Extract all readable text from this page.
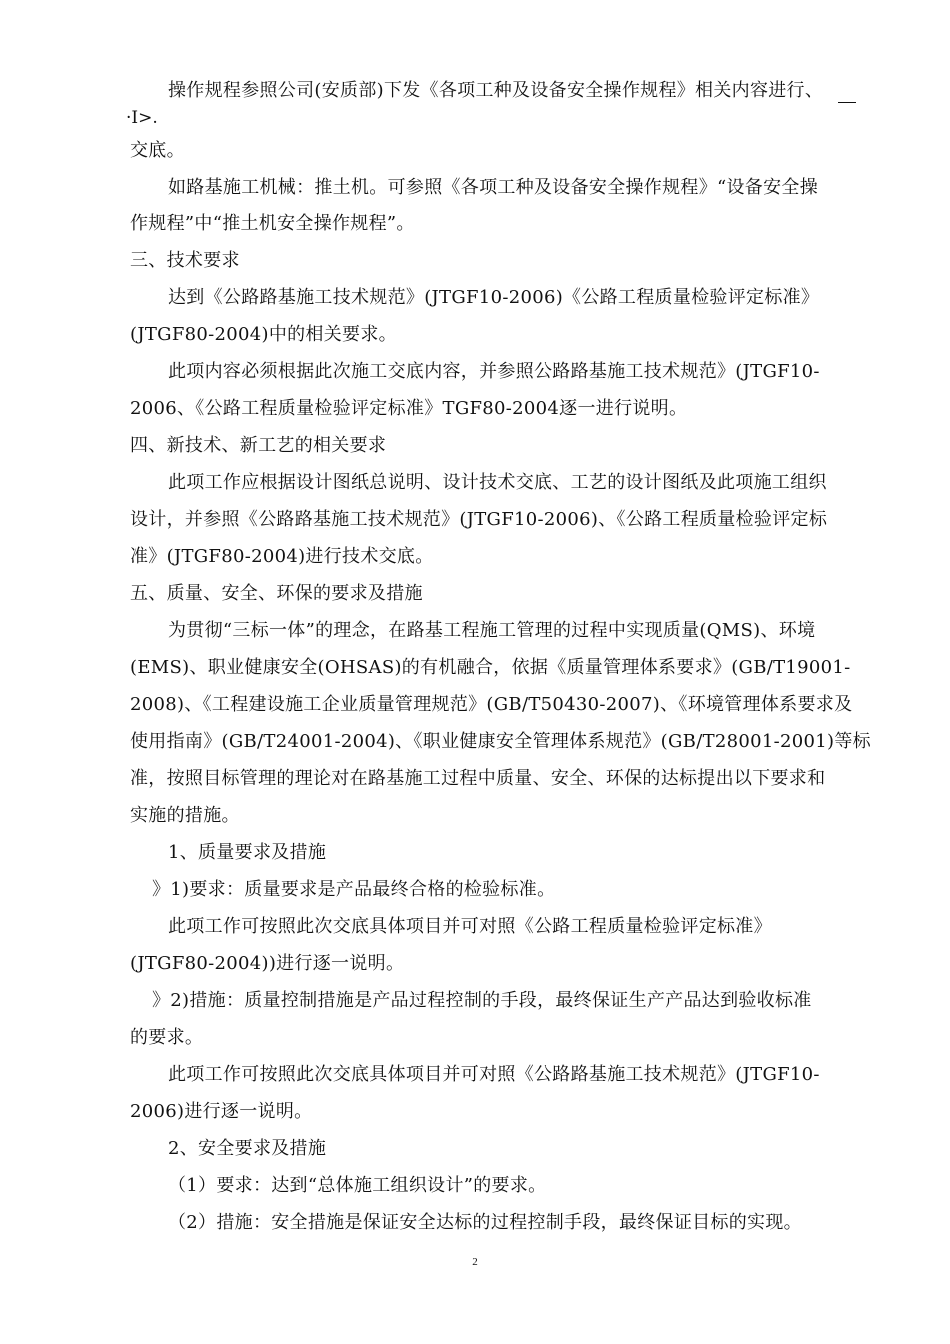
操作规程参照公司(安质部)下发《各项工种及设备安全操作规程》相关内容进行、
·I>.
交底。
如路基施工机械：推土机。可参照《各项工种及设备安全操作规程》“设备安全操
作规程”中“推土机安全操作规程”。
三、技术要求
达到《公路路基施工技术规范》(JTGF10-2006)《公路工程质量检验评定标准》
(JTGF80-2004)中的相关要求。
此项内容必须根据此次施工交底内容，并参照公路路基施工技术规范》(JTGF10-
2006、《公路工程质量检验评定标准》TGF80-2004逐一进行说明。
四、新技术、新工艺的相关要求
此项工作应根据设计图纸总说明、设计技术交底、工艺的设计图纸及此项施工组织
设计，并参照《公路路基施工技术规范》(JTGF10-2006)、《公路工程质量检验评定标
准》(JTGF80-2004)进行技术交底。
五、质量、安全、环保的要求及措施
为贯彻“三标一体”的理念，在路基工程施工管理的过程中实现质量(QMS)、环境
(EMS)、职业健康安全(OHSAS)的有机融合，依据《质量管理体系要求》(GB/T19001-
2008)、《工程建设施工企业质量管理规范》(GB/T50430-2007)、《环境管理体系要求及
使用指南》(GB/T24001-2004)、《职业健康安全管理体系规范》(GB/T28001-2001)等标
准，按照目标管理的理论对在路基施工过程中质量、安全、环保的达标提出以下要求和
实施的措施。
1、质量要求及措施
》1)要求：质量要求是产品最终合格的检验标准。
此项工作可按照此次交底具体项目并可对照《公路工程质量检验评定标准》
(JTGF80-2004))进行逐一说明。
》2)措施：质量控制措施是产品过程控制的手段，最终保证生产产品达到验收标准
的要求。
此项工作可按照此次交底具体项目并可对照《公路路基施工技术规范》(JTGF10-
2006)进行逐一说明。
2、安全要求及措施
（1）要求：达到“总体施工组织设计”的要求。
（2）措施：安全措施是保证安全达标的过程控制手段，最终保证目标的实现。
2
